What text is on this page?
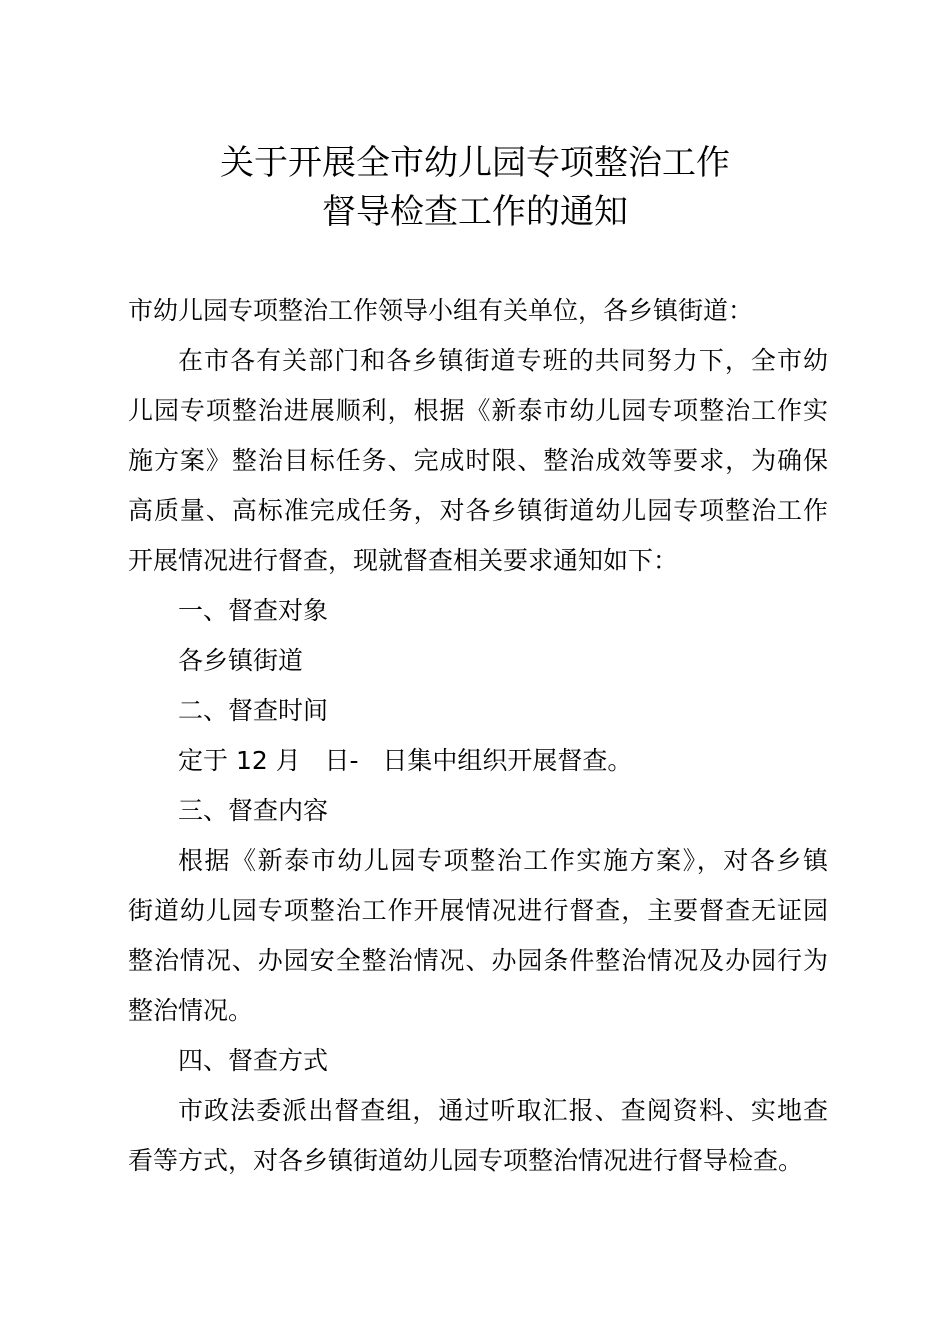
关于开展全市幼儿园专项整治工作
督导检查工作的通知
市幼儿园专项整治工作领导小组有关单位，各乡镇街道：
在市各有关部门和各乡镇街道专班的共同努力下，全市幼
儿园专项整治进展顺利，根据《新泰市幼儿园专项整治工作实
施方案》整治目标任务、完成时限、整治成效等要求，为确保
高质量、高标准完成任务，对各乡镇街道幼儿园专项整治工作
开展情况进行督查，现就督查相关要求通知如下：
一、督查对象
各乡镇街道
二、督查时间
定于 12 月   日-   日集中组织开展督查。
三、督查内容
根据《新泰市幼儿园专项整治工作实施方案》，对各乡镇
街道幼儿园专项整治工作开展情况进行督查，主要督查无证园
整治情况、办园安全整治情况、办园条件整治情况及办园行为
整治情况。
四、督查方式
市政法委派出督查组，通过听取汇报、查阅资料、实地查
看等方式，对各乡镇街道幼儿园专项整治情况进行督导检查。
